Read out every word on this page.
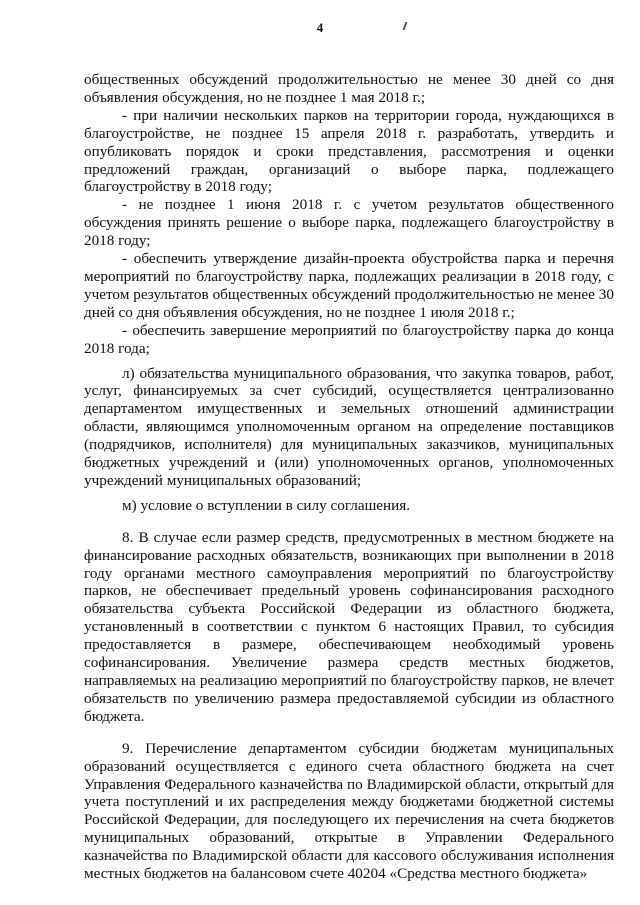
4

общественных обсуждений продолжительностью не менее 30 дней со дня объявления обсуждения, но не позднее 1 мая 2018 г.;

- при наличии нескольких парков на территории города, нуждающихся в благоустройстве, не позднее 15 апреля 2018 г. разработать, утвердить и опубликовать порядок и сроки представления, рассмотрения и оценки предложений граждан, организаций о выборе парка, подлежащего благоустройству в 2018 году;

- не позднее 1 июня 2018 г. с учетом результатов общественного обсуждения принять решение о выборе парка, подлежащего благоустройству в 2018 году;

- обеспечить утверждение дизайн-проекта обустройства парка и перечня мероприятий по благоустройству парка, подлежащих реализации в 2018 году, с учетом результатов общественных обсуждений продолжительностью не менее 30 дней со дня объявления обсуждения, но не позднее 1 июля 2018 г.;

- обеспечить завершение мероприятий по благоустройству парка до конца 2018 года;

л) обязательства муниципального образования, что закупка товаров, работ, услуг, финансируемых за счет субсидий, осуществляется централизованно департаментом имущественных и земельных отношений администрации области, являющимся уполномоченным органом на определение поставщиков (подрядчиков, исполнителя) для муниципальных заказчиков, муниципальных бюджетных учреждений и (или) уполномоченных органов, уполномоченных учреждений муниципальных образований;

м) условие о вступлении в силу соглашения.

8. В случае если размер средств, предусмотренных в местном бюджете на финансирование расходных обязательств, возникающих при выполнении в 2018 году органами местного самоуправления мероприятий по благоустройству парков, не обеспечивает предельный уровень софинансирования расходного обязательства субъекта Российской Федерации из областного бюджета, установленный в соответствии с пунктом 6 настоящих Правил, то субсидия предоставляется в размере, обеспечивающем необходимый уровень софинансирования. Увеличение размера средств местных бюджетов, направляемых на реализацию мероприятий по благоустройству парков, не влечет обязательств по увеличению размера предоставляемой субсидии из областного бюджета.

9. Перечисление департаментом субсидии бюджетам муниципальных образований осуществляется с единого счета областного бюджета на счет Управления Федерального казначейства по Владимирской области, открытый для учета поступлений и их распределения между бюджетами бюджетной системы Российской Федерации, для последующего их перечисления на счета бюджетов муниципальных образований, открытые в Управлении Федерального казначейства по Владимирской области для кассового обслуживания исполнения местных бюджетов на балансовом счете 40204 «Средства местного бюджета»
